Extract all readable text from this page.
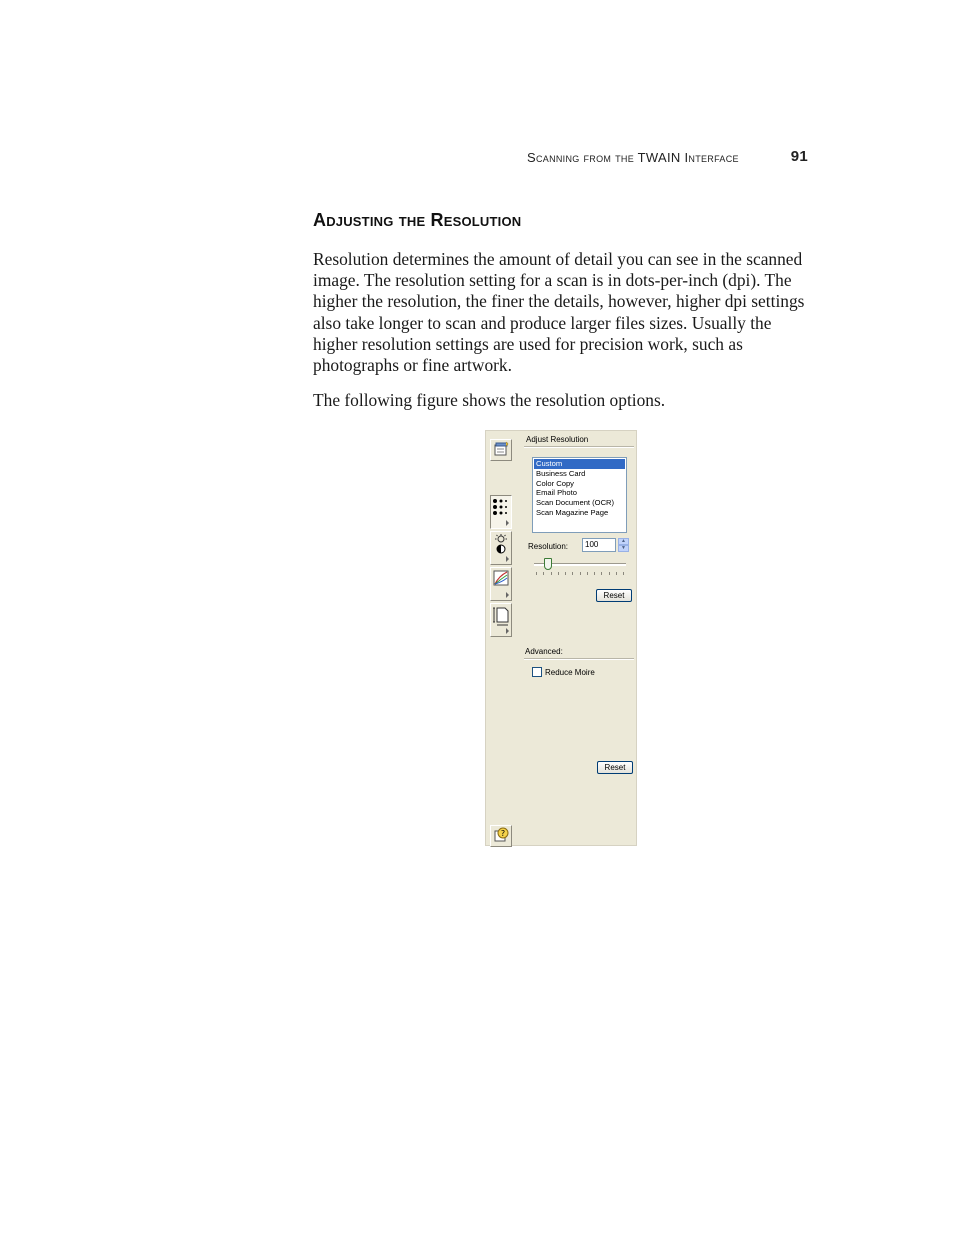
Scanning from the TWAIN Interface	91
Adjusting the Resolution

Resolution determines the amount of detail you can see in the scanned image. The resolution setting for a scan is in dots-per-inch (dpi). The higher the resolution, the finer the details, however, higher dpi settings also take longer to scan and produce larger files sizes. Usually the higher resolution settings are used for precision work, such as photographs or fine artwork.

The following figure shows the resolution options.

?
Adjust Resolution
Custom
Business Card
Color Copy
Email Photo
Scan Document (OCR)
Scan Magazine Page
Resolution:	100	▲
▼
Reset
Advanced:
Reduce Moire
Reset
